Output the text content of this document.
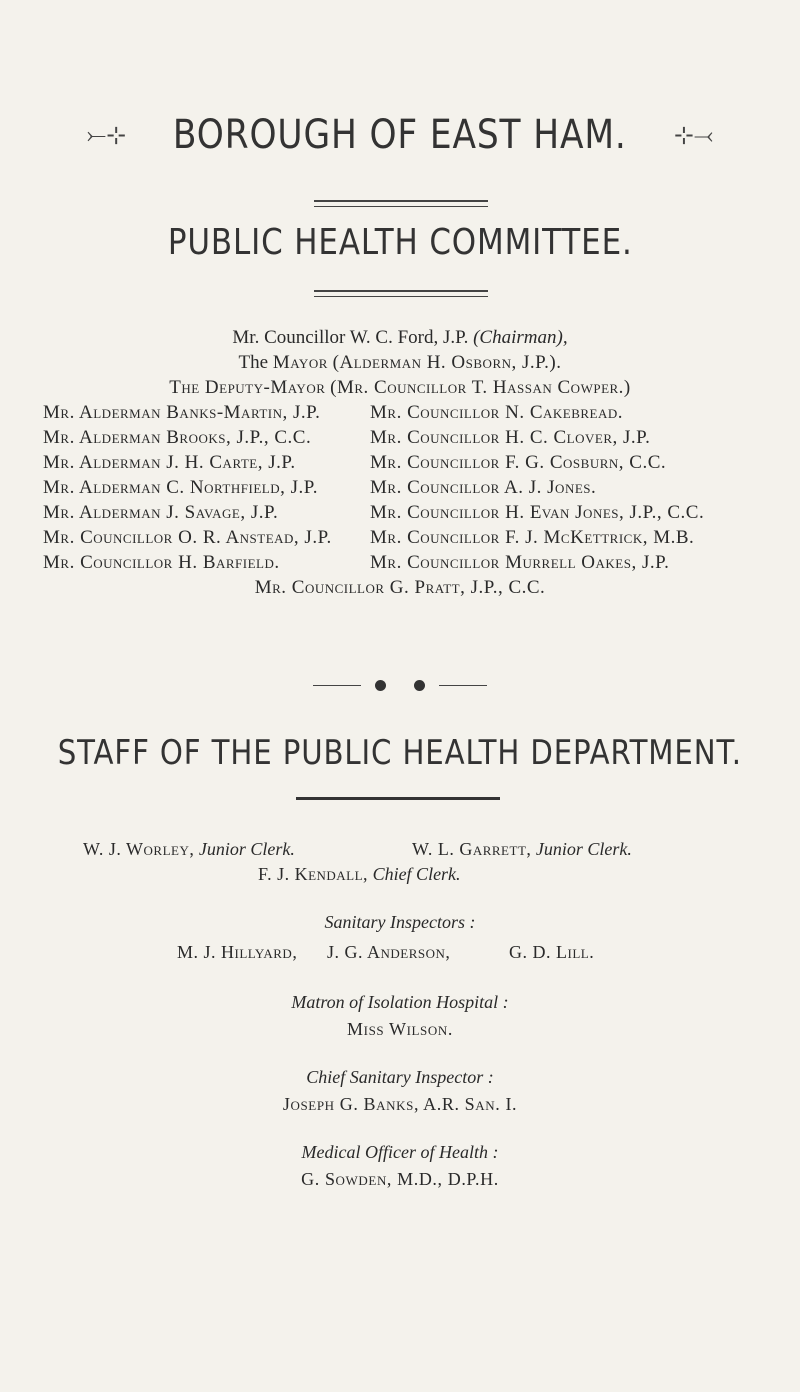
⤚⊹ BOROUGH OF EAST HAM. ⊹⤙
PUBLIC HEALTH COMMITTEE.
Mr. Councillor W. C. Ford, J.P. (Chairman),
The Mayor (Alderman H. Osborn, J.P.).
The Deputy-Mayor (Mr. Councillor T. Hassan Cowper.)
Mr. Alderman Banks-Martin, J.P.
Mr. Alderman Brooks, J.P., C.C.
Mr. Alderman J. H. Carte, J.P.
Mr. Alderman C. Northfield, J.P.
Mr. Alderman J. Savage, J.P.
Mr. Councillor O. R. Anstead, J.P.
Mr. Councillor H. Barfield.
Mr. Councillor N. Cakebread.
Mr. Councillor H. C. Clover, J.P.
Mr. Councillor F. G. Cosburn, C.C.
Mr. Councillor A. J. Jones.
Mr. Councillor H. Evan Jones, J.P., C.C.
Mr. Councillor F. J. McKettrick, M.B.
Mr. Councillor Murrell Oakes, J.P.
Mr. Councillor G. Pratt, J.P., C.C.
STAFF OF THE PUBLIC HEALTH DEPARTMENT.
W. J. Worley, Junior Clerk.	W. L. Garrett, Junior Clerk.
F. J. Kendall, Chief Clerk.
Sanitary Inspectors :
M. J. Hillyard, J. G. Anderson,	G. D. Lill.
Matron of Isolation Hospital :
Miss Wilson.
Chief Sanitary Inspector :
Joseph G. Banks, A.R. San. I.
Medical Officer of Health :
G. Sowden, M.D., D.P.H.
